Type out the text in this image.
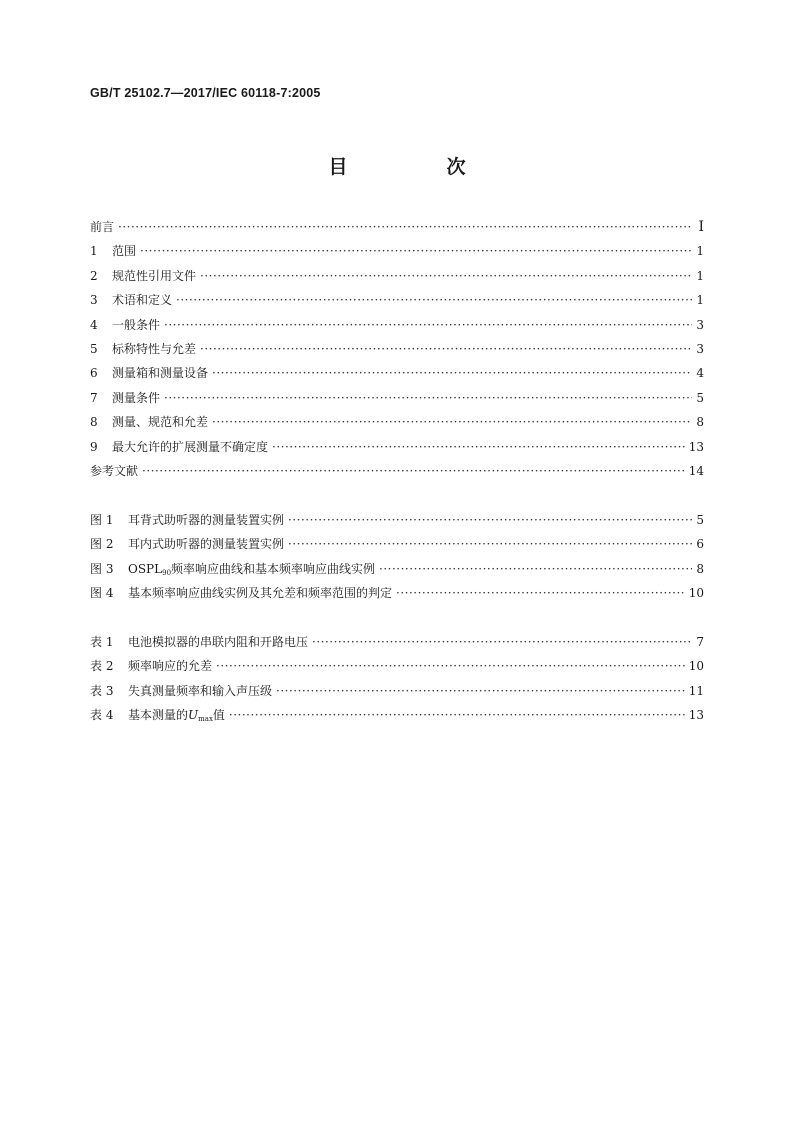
GB/T 25102.7—2017/IEC 60118-7:2005
目　次
前言 ·····	Ⅰ
1	范围 ·····	1
2	规范性引用文件 ·····	1
3	术语和定义 ·····	1
4	一般条件 ·····	3
5	标称特性与允差 ·····	3
6	测量箱和测量设备 ·····	4
7	测量条件 ·····	5
8	测量、规范和允差 ·····	8
9	最大允许的扩展测量不确定度 ·····	13
参考文献 ·····	14
图 1	耳背式助听器的测量装置实例 ·····	5
图 2	耳内式助听器的测量装置实例 ·····	6
图 3	$OSPL_{90}$频率响应曲线和基本频率响应曲线实例 ·····	8
图 4	基本频率响应曲线实例及其允差和频率范围的判定 ·····	10
表 1	电池模拟器的串联内阻和开路电压 ·····	7
表 2	频率响应的允差 ·····	10
表 3	失真测量频率和输入声压级 ·····	11
表 4	基本测量的$U_{max}$值 ·····	13
